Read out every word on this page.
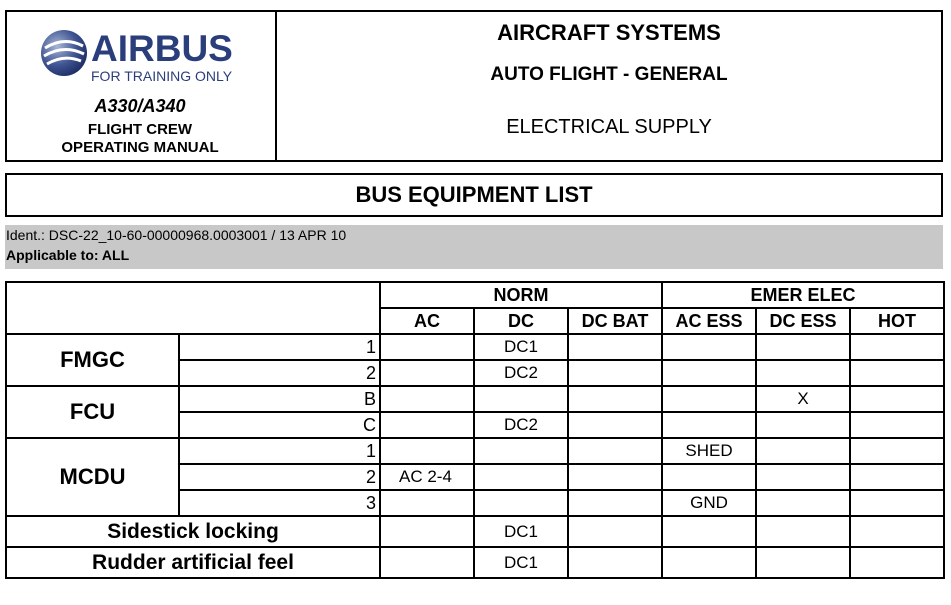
AIRBUS
FOR TRAINING ONLY
A330/A340
FLIGHT CREW
OPERATING MANUAL
AIRCRAFT SYSTEMS
AUTO FLIGHT - GENERAL
ELECTRICAL SUPPLY
BUS EQUIPMENT LIST
Ident.: DSC-22_10-60-00000968.0003001 / 13 APR 10
Applicable to: ALL
		NORM			EMER ELEC		
		AC	DC	DC BAT	AC ESS	DC ESS	HOT
FMGC	1		DC1				
	2		DC2				
FCU	B					X	
	C		DC2				
MCDU	1				SHED		
	2	AC 2-4					
	3				GND		
Sidestick locking			DC1				
Rudder artificial feel			DC1				
